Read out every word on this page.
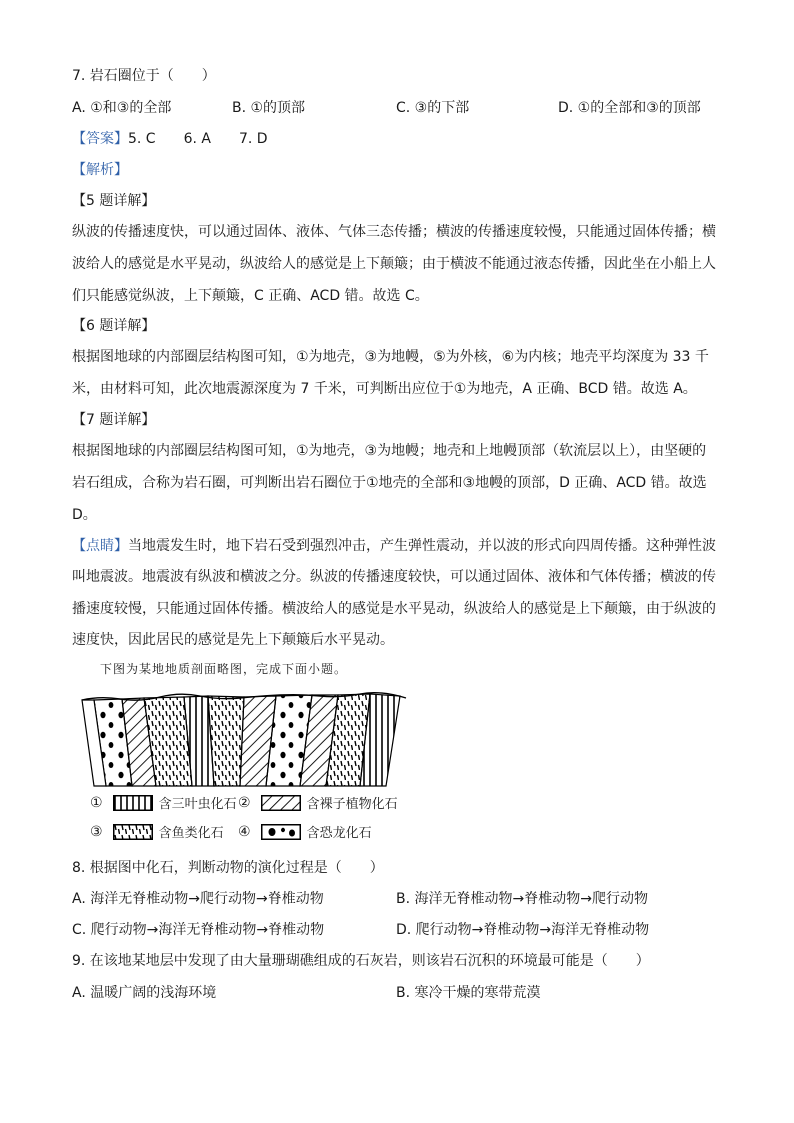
7. 岩石圈位于（　　）
A. ①和③的全部	B. ①的顶部	C. ③的下部	D. ①的全部和③的顶部
【答案】5. C　　6. A　　7. D
【解析】
【5 题详解】
纵波的传播速度快，可以通过固体、液体、气体三态传播；横波的传播速度较慢，只能通过固体传播；横
波给人的感觉是水平晃动，纵波给人的感觉是上下颠簸；由于横波不能通过液态传播，因此坐在小船上人
们只能感觉纵波，上下颠簸，C 正确、ACD 错。故选 C。
【6 题详解】
根据图地球的内部圈层结构图可知，①为地壳，③为地幔，⑤为外核，⑥为内核；地壳平均深度为 33 千
米，由材料可知，此次地震源深度为 7 千米，可判断出应位于①为地壳，A 正确、BCD 错。故选 A。
【7 题详解】
根据图地球的内部圈层结构图可知，①为地壳，③为地幔；地壳和上地幔顶部（软流层以上），由坚硬的
岩石组成，合称为岩石圈，可判断出岩石圈位于①地壳的全部和③地幔的顶部，D 正确、ACD 错。故选
D。
【点睛】当地震发生时，地下岩石受到强烈冲击，产生弹性震动，并以波的形式向四周传播。这种弹性波
叫地震波。地震波有纵波和横波之分。纵波的传播速度较快，可以通过固体、液体和气体传播；横波的传
播速度较慢，只能通过固体传播。横波给人的感觉是水平晃动，纵波给人的感觉是上下颠簸，由于纵波的
速度快，因此居民的感觉是先上下颠簸后水平晃动。
下图为某地地质剖面略图，完成下面小题。
①	含三叶虫化石 ②	含裸子植物化石
③	含鱼类化石 ④	含恐龙化石
8. 根据图中化石，判断动物的演化过程是（　　）
A. 海洋无脊椎动物→爬行动物→脊椎动物	B. 海洋无脊椎动物→脊椎动物→爬行动物
C. 爬行动物→海洋无脊椎动物→脊椎动物	D. 爬行动物→脊椎动物→海洋无脊椎动物
9. 在该地某地层中发现了由大量珊瑚礁组成的石灰岩，则该岩石沉积的环境最可能是（　　）
A. 温暖广阔的浅海环境	B. 寒冷干燥的寒带荒漠
